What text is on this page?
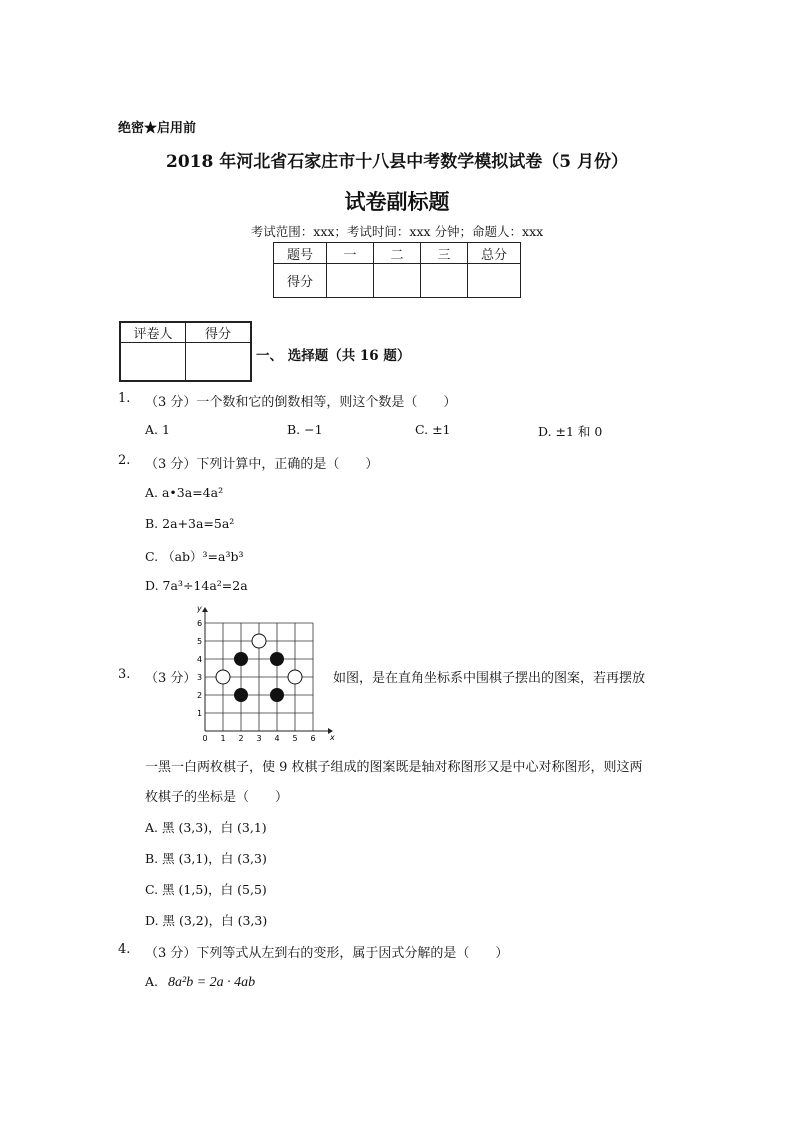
绝密★启用前
2018 年河北省石家庄市十八县中考数学模拟试卷（5 月份）
试卷副标题
考试范围：xxx；考试时间：xxx 分钟；命题人：xxx
题号	一	二	三	总分
得分				
评卷人	得分

一、 选择题（共 16 题）
1. （3 分）一个数和它的倒数相等，则这个数是（　　）
A. 1	B. −1	C. ±1	D. ±1 和 0
2. （3 分）下列计算中，正确的是（　　）
A. a•3a=4a²
B. 2a+3a=5a²
C. （ab）³=a³b³
D. 7a³÷14a²=2a
3. （3 分）
x
y
0 1 2 3 4 5 6
1
2
3
4
5
6
如图，是在直角坐标系中围棋子摆出的图案，若再摆放
一黑一白两枚棋子，使 9 枚棋子组成的图案既是轴对称图形又是中心对称图形，则这两
枚棋子的坐标是（　　）
A. 黑 (3,3)，白 (3,1)
B. 黑 (3,1)，白 (3,3)
C. 黑 (1,5)，白 (5,5)
D. 黑 (3,2)，白 (3,3)
4. （3 分）下列等式从左到右的变形，属于因式分解的是（　　）
A. 8a²b = 2a · 4ab
